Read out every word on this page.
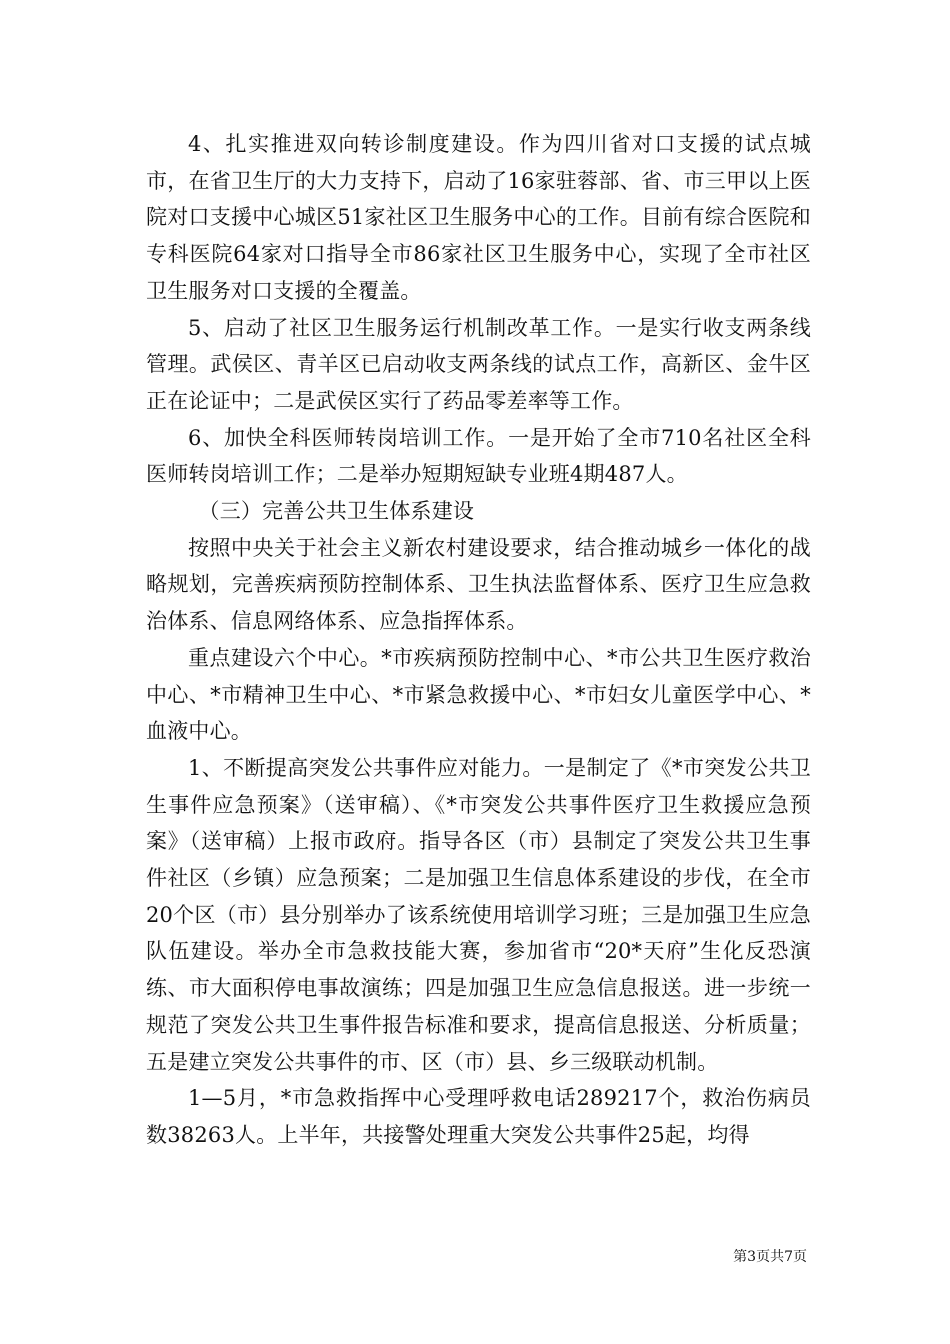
4、扎实推进双向转诊制度建设。作为四川省对口支援的试点城市，在省卫生厅的大力支持下，启动了16家驻蓉部、省、市三甲以上医院对口支援中心城区51家社区卫生服务中心的工作。目前有综合医院和专科医院64家对口指导全市86家社区卫生服务中心，实现了全市社区卫生服务对口支援的全覆盖。

5、启动了社区卫生服务运行机制改革工作。一是实行收支两条线管理。武侯区、青羊区已启动收支两条线的试点工作，高新区、金牛区正在论证中；二是武侯区实行了药品零差率等工作。

6、加快全科医师转岗培训工作。一是开始了全市710名社区全科医师转岗培训工作；二是举办短期短缺专业班4期487人。

（三）完善公共卫生体系建设

按照中央关于社会主义新农村建设要求，结合推动城乡一体化的战略规划，完善疾病预防控制体系、卫生执法监督体系、医疗卫生应急救治体系、信息网络体系、应急指挥体系。

重点建设六个中心。*市疾病预防控制中心、*市公共卫生医疗救治中心、*市精神卫生中心、*市紧急救援中心、*市妇女儿童医学中心、*血液中心。

1、不断提高突发公共事件应对能力。一是制定了《*市突发公共卫生事件应急预案》（送审稿）、《*市突发公共事件医疗卫生救援应急预案》（送审稿）上报市政府。指导各区（市）县制定了突发公共卫生事件社区（乡镇）应急预案；二是加强卫生信息体系建设的步伐，在全市20个区（市）县分别举办了该系统使用培训学习班；三是加强卫生应急队伍建设。举办全市急救技能大赛，参加省市“20*天府”生化反恐演练、市大面积停电事故演练；四是加强卫生应急信息报送。进一步统一规范了突发公共卫生事件报告标准和要求，提高信息报送、分析质量；五是建立突发公共事件的市、区（市）县、乡三级联动机制。

1—5月，*市急救指挥中心受理呼救电话289217个，救治伤病员数38263人。上半年，共接警处理重大突发公共事件25起，均得

第3页共7页
